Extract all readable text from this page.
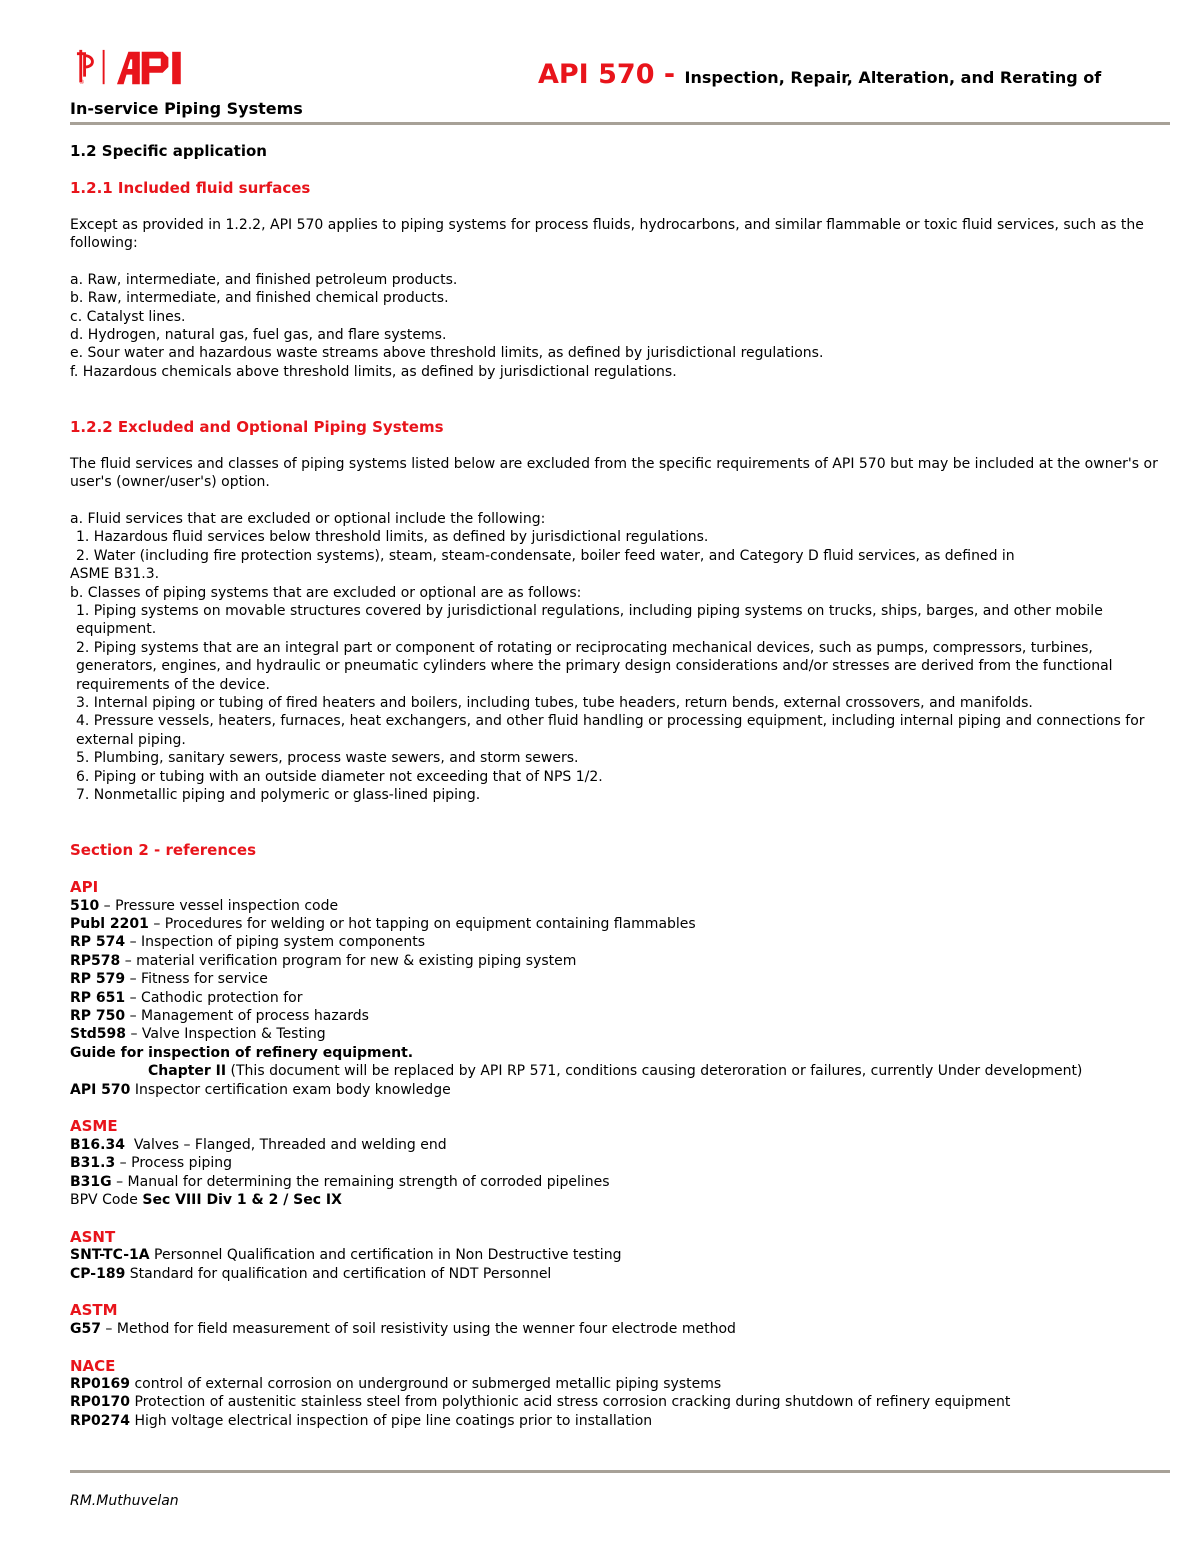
®	API 570 - Inspection, Repair, Alteration, and Rerating of
In-service Piping Systems

1.2 Specific application

1.2.1 Included fluid surfaces

Except as provided in 1.2.2, API 570 applies to piping systems for process fluids, hydrocarbons, and similar flammable or toxic fluid services, such as the following:

a. Raw, intermediate, and finished petroleum products.

b. Raw, intermediate, and finished chemical products.

c. Catalyst lines.

d. Hydrogen, natural gas, fuel gas, and flare systems.

e. Sour water and hazardous waste streams above threshold limits, as defined by jurisdictional regulations.

f. Hazardous chemicals above threshold limits, as defined by jurisdictional regulations.

1.2.2 Excluded and Optional Piping Systems

The fluid services and classes of piping systems listed below are excluded from the specific requirements of API 570 but may be included at the owner's or user's (owner/user's) option.

a. Fluid services that are excluded or optional include the following:

1. Hazardous fluid services below threshold limits, as defined by jurisdictional regulations.

2. Water (including fire protection systems), steam, steam-condensate, boiler feed water, and Category D fluid services, as defined in

ASME B31.3.

b. Classes of piping systems that are excluded or optional are as follows:

1. Piping systems on movable structures covered by jurisdictional regulations, including piping systems on trucks, ships, barges, and other mobile equipment.

2. Piping systems that are an integral part or component of rotating or reciprocating mechanical devices, such as pumps, compressors, turbines, generators, engines, and hydraulic or pneumatic cylinders where the primary design considerations and/or stresses are derived from the functional requirements of the device.

3. Internal piping or tubing of fired heaters and boilers, including tubes, tube headers, return bends, external crossovers, and manifolds.

4. Pressure vessels, heaters, furnaces, heat exchangers, and other fluid handling or processing equipment, including internal piping and connections for external piping.

5. Plumbing, sanitary sewers, process waste sewers, and storm sewers.

6. Piping or tubing with an outside diameter not exceeding that of NPS 1/2.

7. Nonmetallic piping and polymeric or glass-lined piping.

Section 2 - references

API

510 – Pressure vessel inspection code

Publ 2201 – Procedures for welding or hot tapping on equipment containing flammables

RP 574 – Inspection of piping system components

RP578 – material verification program for new & existing piping system

RP 579 – Fitness for service

RP 651 – Cathodic protection for

RP 750 – Management of process hazards

Std598 – Valve Inspection & Testing

Guide for inspection of refinery equipment.

Chapter II (This document will be replaced by API RP 571, conditions causing deteroration or failures, currently Under development)

API 570 Inspector certification exam body knowledge

ASME

B16.34  Valves – Flanged, Threaded and welding end

B31.3 – Process piping

B31G – Manual for determining the remaining strength of corroded pipelines

BPV Code Sec VIII Div 1 & 2 / Sec IX

ASNT

SNT-TC-1A Personnel Qualification and certification in Non Destructive testing

CP-189 Standard for qualification and certification of NDT Personnel

ASTM

G57 – Method for field measurement of soil resistivity using the wenner four electrode method

NACE

RP0169 control of external corrosion on underground or submerged metallic piping systems

RP0170 Protection of austenitic stainless steel from polythionic acid stress corrosion cracking during shutdown of refinery equipment

RP0274 High voltage electrical inspection of pipe line coatings prior to installation

RM.Muthuvelan
